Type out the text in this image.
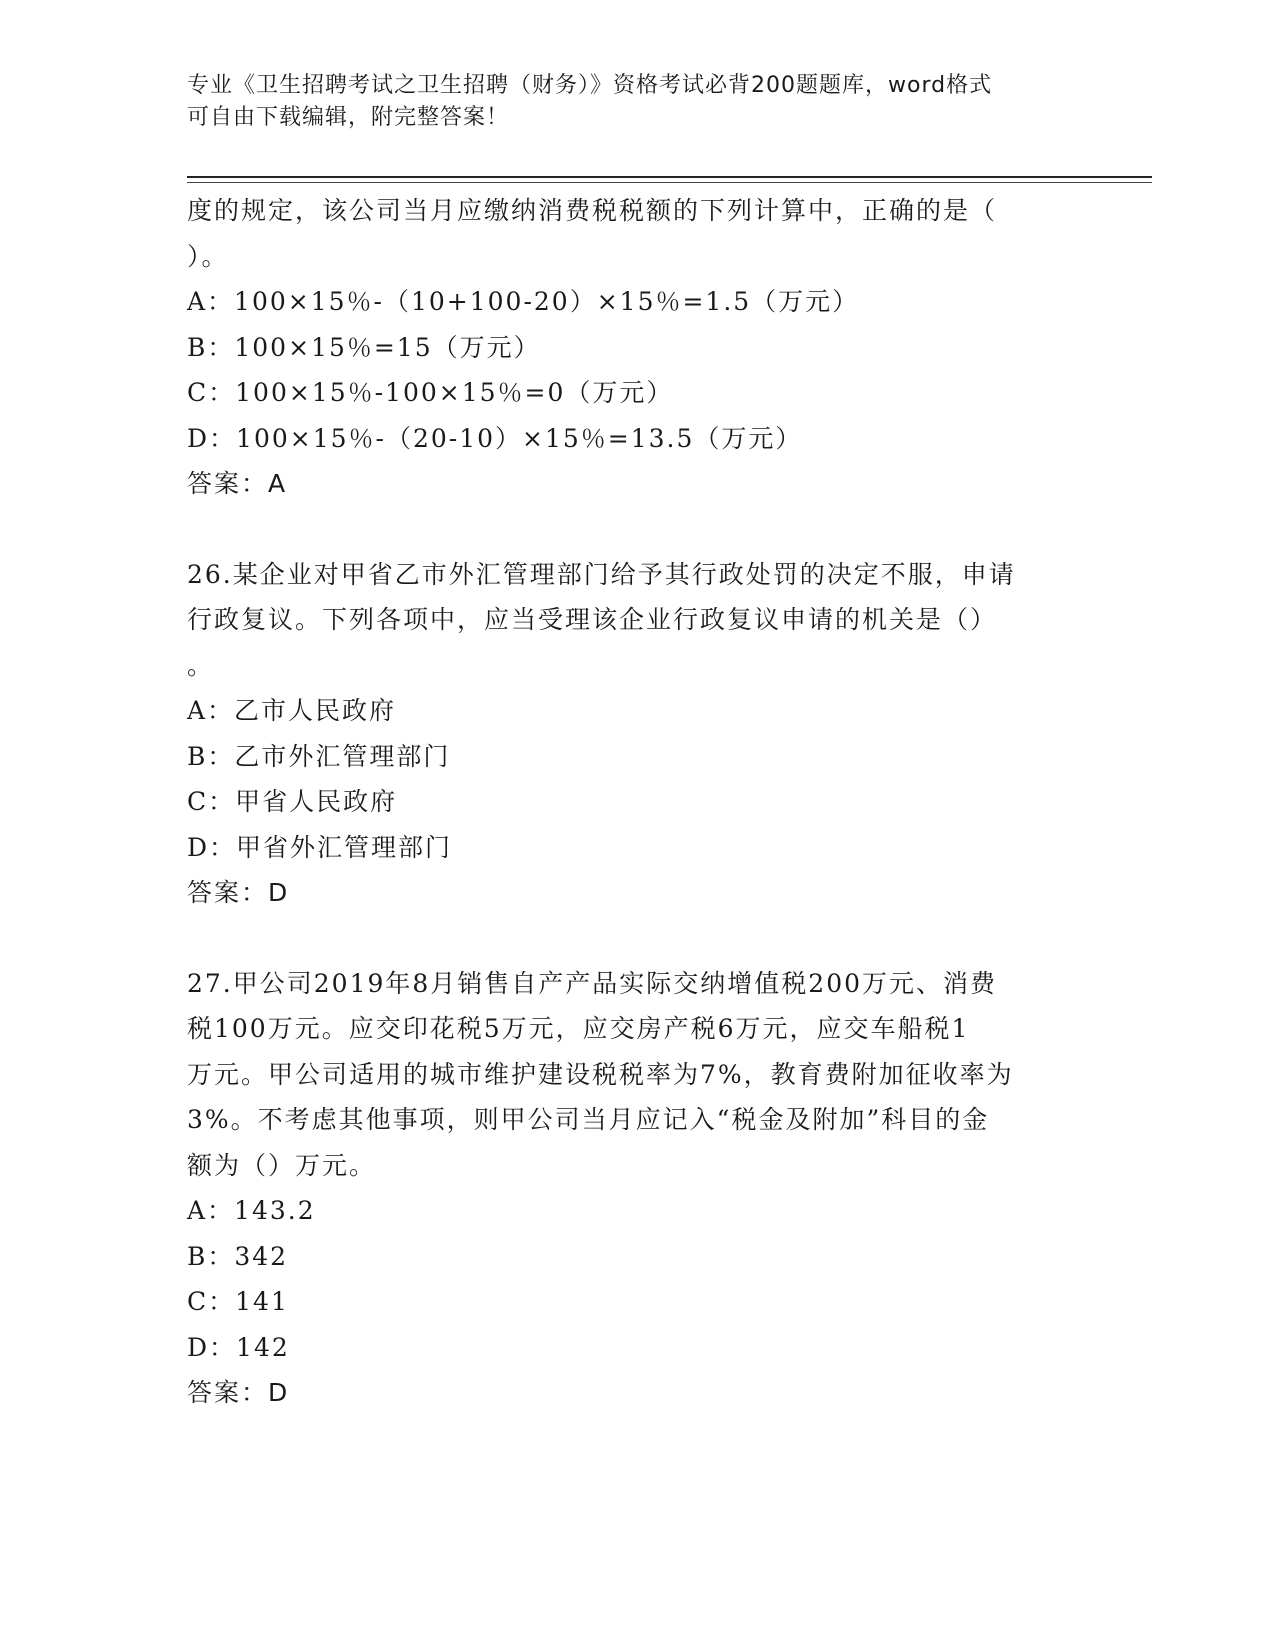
专业《卫生招聘考试之卫生招聘（财务）》资格考试必背200题题库，word格式
可自由下载编辑，附完整答案！
度的规定，该公司当月应缴纳消费税税额的下列计算中，正确的是（
）。
A：100×15％-（10+100-20）×15％=1.5（万元）
B：100×15％=15（万元）
C：100×15％-100×15％=0（万元）
D：100×15％-（20-10）×15％=13.5（万元）
答案：A
26.某企业对甲省乙市外汇管理部门给予其行政处罚的决定不服，申请
行政复议。下列各项中，应当受理该企业行政复议申请的机关是（）
。
A：乙市人民政府
B：乙市外汇管理部门
C：甲省人民政府
D：甲省外汇管理部门
答案：D
27.甲公司2019年8月销售自产产品实际交纳增值税200万元、消费
税100万元。应交印花税5万元，应交房产税6万元，应交车船税1
万元。甲公司适用的城市维护建设税税率为7%，教育费附加征收率为
3%。不考虑其他事项，则甲公司当月应记入“税金及附加”科目的金
额为（）万元。
A：143.2
B：342
C：141
D：142
答案：D
